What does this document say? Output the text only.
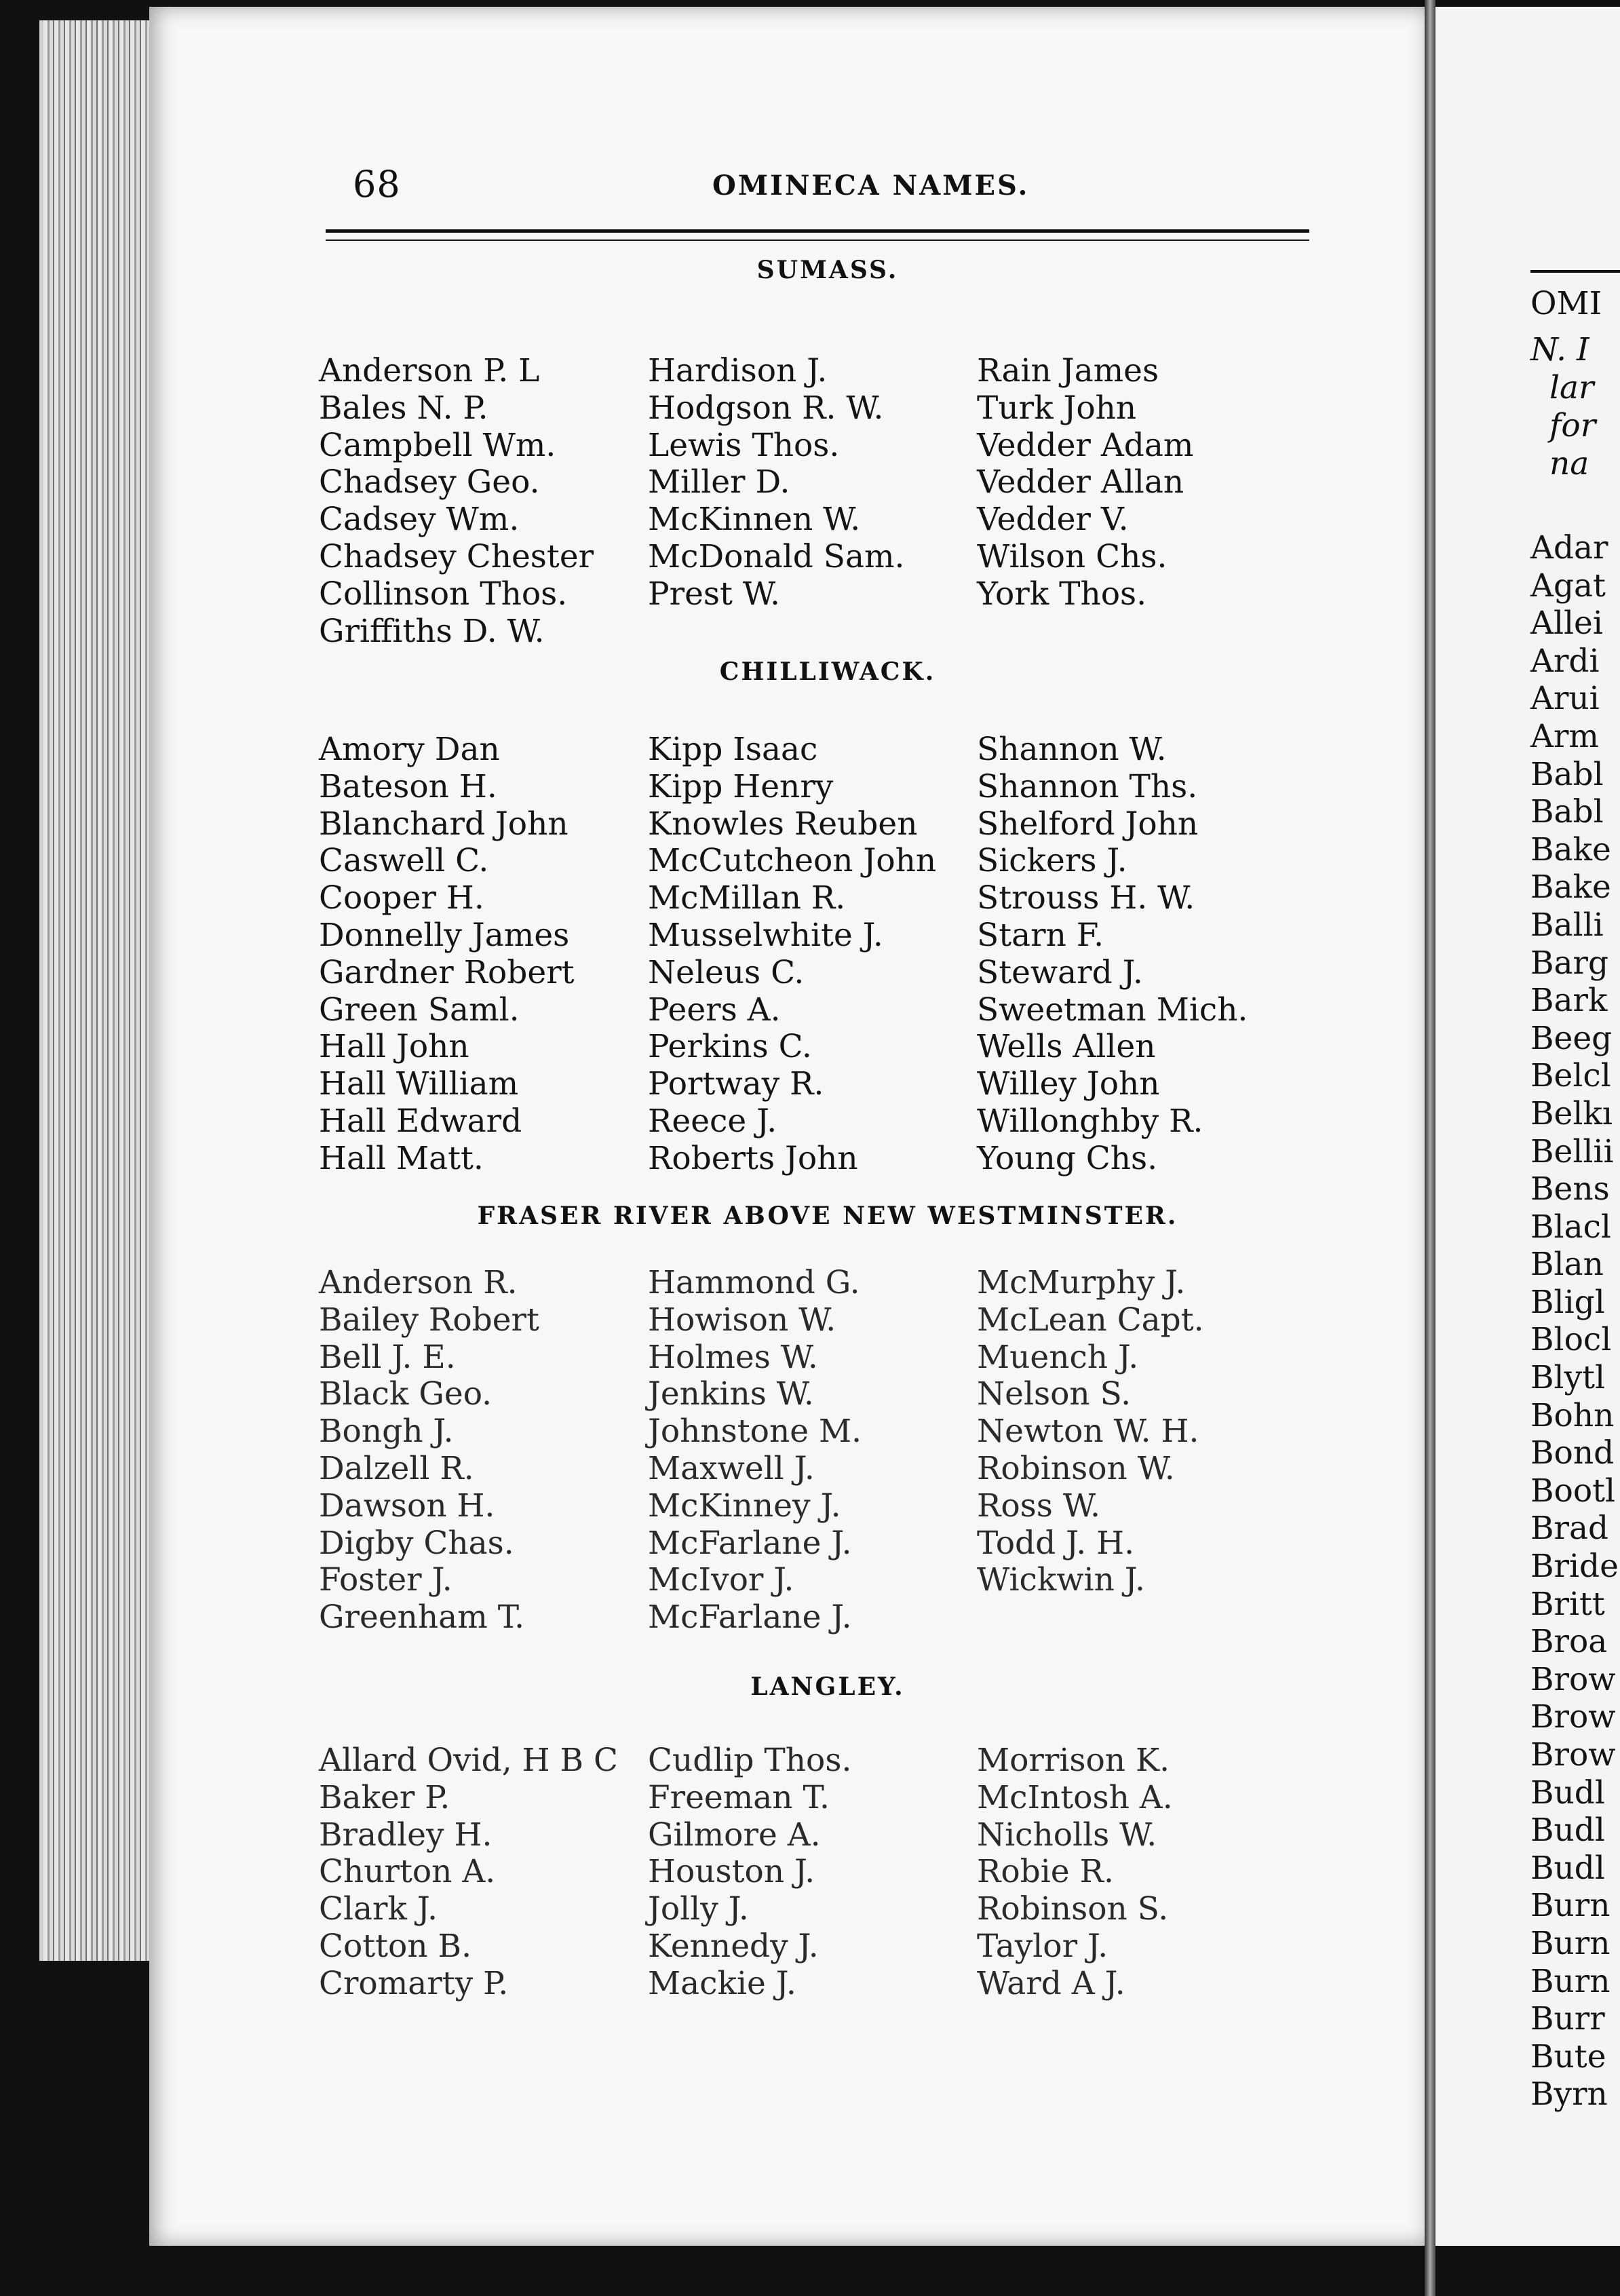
68	OMINECA NAMES.
SUMASS.
Anderson P. L
Bales N. P.
Campbell Wm.
Chadsey Geo.
Cadsey Wm.
Chadsey Chester
Collinson Thos.
Griffiths D. W.
Hardison J.
Hodgson R. W.
Lewis Thos.
Miller D.
McKinnen W.
McDonald Sam.
Prest W.
Rain James
Turk John
Vedder Adam
Vedder Allan
Vedder V.
Wilson Chs.
York Thos.
CHILLIWACK.
Amory Dan
Bateson H.
Blanchard John
Caswell C.
Cooper H.
Donnelly James
Gardner Robert
Green Saml.
Hall John
Hall William
Hall Edward
Hall Matt.
Kipp Isaac
Kipp Henry
Knowles Reuben
McCutcheon John
McMillan R.
Musselwhite J.
Neleus C.
Peers A.
Perkins C.
Portway R.
Reece J.
Roberts John
Shannon W.
Shannon Ths.
Shelford John
Sickers J.
Strouss H. W.
Starn F.
Steward J.
Sweetman Mich.
Wells Allen
Willey John
Willonghby R.
Young Chs.
FRASER RIVER ABOVE NEW WESTMINSTER.
Anderson R.
Bailey Robert
Bell J. E.
Black Geo.
Bongh J.
Dalzell R.
Dawson H.
Digby Chas.
Foster J.
Greenham T.
Hammond G.
Howison W.
Holmes W.
Jenkins W.
Johnstone M.
Maxwell J.
McKinney J.
McFarlane J.
McIvor J.
McFarlane J.
McMurphy J.
McLean Capt.
Muench J.
Nelson S.
Newton W. H.
Robinson W.
Ross W.
Todd J. H.
Wickwin J.
LANGLEY.
Allard Ovid, H B C
Baker P.
Bradley H.
Churton A.
Clark J.
Cotton B.
Cromarty P.
Cudlip Thos.
Freeman T.
Gilmore A.
Houston J.
Jolly J.
Kennedy J.
Mackie J.
Morrison K.
McIntosh A.
Nicholls W.
Robie R.
Robinson S.
Taylor J.
Ward A J.
OMI
N. I
lar
for
na
Adar
Agat
Allei
Ardi
Arui
Arm
Babl
Babl
Bake
Bake
Balli
Barg
Bark
Beeg
Belcl
Belkı
Bellii
Bens
Blacl
Blan
Bligl
Blocl
Blytl
Bohn
Bond
Bootl
Brad
Bride
Britt
Broa
Brow
Brow
Brow
Budl
Budl
Budl
Burn
Burn
Burn
Burr
Bute
Byrn
